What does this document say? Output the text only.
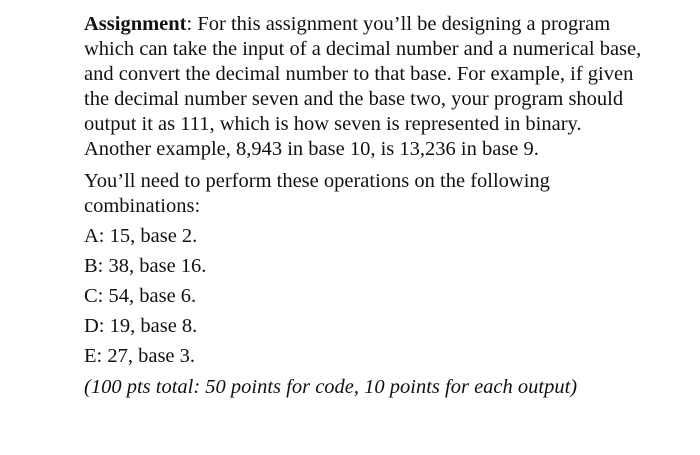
Assignment: For this assignment you’ll be designing a program which can take the input of a decimal number and a numerical base, and convert the decimal number to that base. For example, if given the decimal number seven and the base two, your program should output it as 111, which is how seven is represented in binary. Another example, 8,943 in base 10, is 13,236 in base 9.

You’ll need to perform these operations on the following combinations:

A: 15, base 2.

B: 38, base 16.

C: 54, base 6.

D: 19, base 8.

E: 27, base 3.

(100 pts total: 50 points for code, 10 points for each output)
